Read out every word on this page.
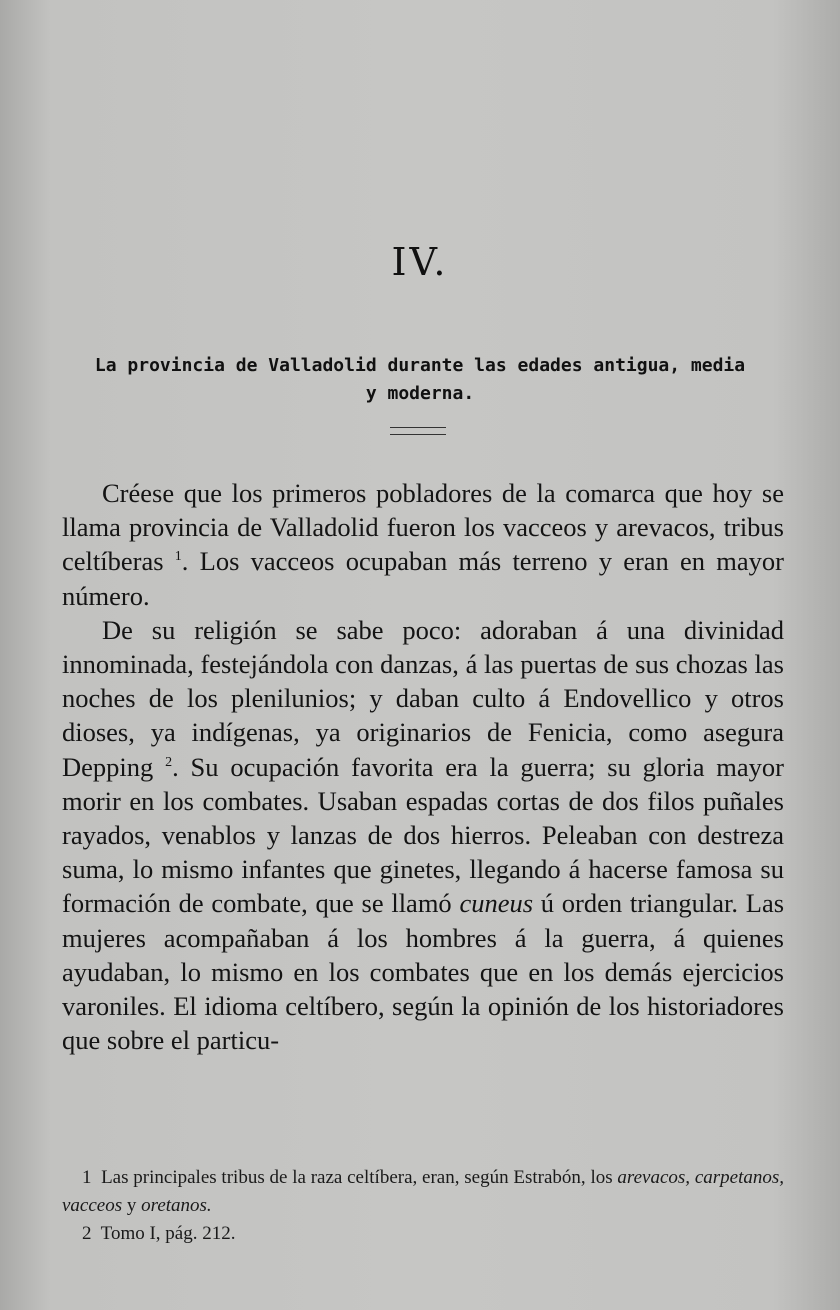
IV.
La provincia de Valladolid durante las edades antigua, media
y moderna.

Créese que los primeros pobladores de la comarca que hoy se llama provincia de Valladolid fueron los vacceos y arevacos, tribus celtíberas $^1$. Los vacceos ocupaban más terreno y eran en mayor número.

De su religión se sabe poco: adoraban á una divinidad innominada, festejándola con danzas, á las puertas de sus chozas las noches de los plenilunios; y daban culto á Endovellico y otros dioses, ya indígenas, ya originarios de Fenicia, como asegura Depping $^2$. Su ocupación favorita era la guerra; su gloria mayor morir en los combates. Usaban espadas cortas de dos filos puñales rayados, venablos y lanzas de dos hierros. Peleaban con destreza suma, lo mismo infantes que ginetes, llegando á hacerse famosa su formación de combate, que se llamó cuneus ú orden triangular. Las mujeres acompañaban á los hombres á la guerra, á quienes ayudaban, lo mismo en los combates que en los demás ejercicios varoniles. El idioma celtíbero, según la opinión de los historiadores que sobre el particu-

1 Las principales tribus de la raza celtíbera, eran, según Estrabón, los arevacos, carpetanos, vacceos y oretanos.

2 Tomo I, pág. 212.
